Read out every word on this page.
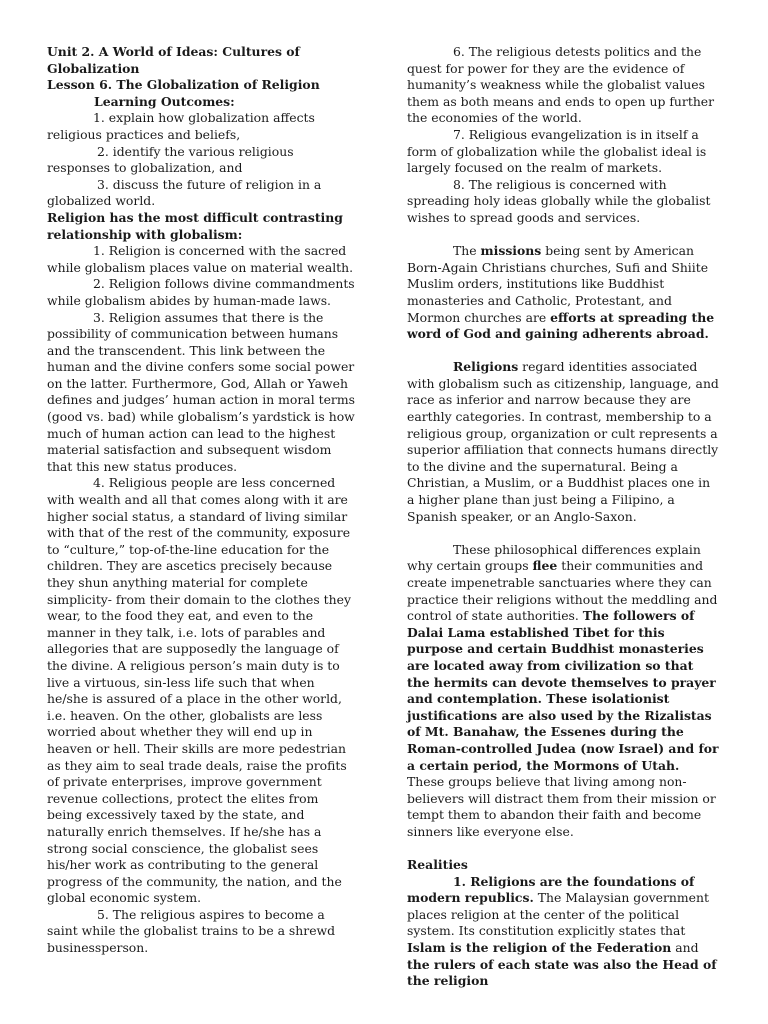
Unit 2. A World of Ideas: Cultures of Globalization

Lesson 6. The Globalization of Religion

Learning Outcomes:

1. explain how globalization affects religious practices and beliefs,

2. identify the various religious responses to globalization, and

3. discuss the future of religion in a globalized world.

Religion has the most difficult contrasting relationship with globalism:

1. Religion is concerned with the sacred while globalism places value on material wealth.

2. Religion follows divine commandments while globalism abides by human-made laws.

3. Religion assumes that there is the possibility of communication between humans and the transcendent. This link between the human and the divine confers some social power on the latter. Furthermore, God, Allah or Yaweh defines and judges’ human action in moral terms (good vs. bad) while globalism’s yardstick is how much of human action can lead to the highest material satisfaction and subsequent wisdom that this new status produces.

4. Religious people are less concerned with wealth and all that comes along with it are higher social status, a standard of living similar with that of the rest of the community, exposure to “culture,” top-of-the-line education for the children. They are ascetics precisely because they shun anything material for complete simplicity- from their domain to the clothes they wear, to the food they eat, and even to the manner in they talk, i.e. lots of parables and allegories that are supposedly the language of the divine. A religious person’s main duty is to live a virtuous, sin-less life such that when he/she is assured of a place in the other world, i.e. heaven. On the other, globalists are less worried about whether they will end up in heaven or hell. Their skills are more pedestrian as they aim to seal trade deals, raise the profits of private enterprises, improve government revenue collections, protect the elites from being excessively taxed by the state, and naturally enrich themselves. If he/she has a strong social conscience, the globalist sees his/her work as contributing to the general progress of the community, the nation, and the global economic system.

5. The religious aspires to become a saint while the globalist trains to be a shrewd businessperson.

6. The religious detests politics and the quest for power for they are the evidence of humanity’s weakness while the globalist values them as both means and ends to open up further the economies of the world.

7. Religious evangelization is in itself a form of globalization while the globalist ideal is largely focused on the realm of markets.

8. The religious is concerned with spreading holy ideas globally while the globalist wishes to spread goods and services.

The missions being sent by American Born-Again Christians churches, Sufi and Shiite Muslim orders, institutions like Buddhist monasteries and Catholic, Protestant, and Mormon churches are efforts at spreading the word of God and gaining adherents abroad.

Religions regard identities associated with globalism such as citizenship, language, and race as inferior and narrow because they are earthly categories. In contrast, membership to a religious group, organization or cult represents a superior affiliation that connects humans directly to the divine and the supernatural. Being a Christian, a Muslim, or a Buddhist places one in a higher plane than just being a Filipino, a Spanish speaker, or an Anglo-Saxon.

These philosophical differences explain why certain groups flee their communities and create impenetrable sanctuaries where they can practice their religions without the meddling and control of state authorities. The followers of Dalai Lama established Tibet for this purpose and certain Buddhist monasteries are located away from civilization so that the hermits can devote themselves to prayer and contemplation. These isolationist justifications are also used by the Rizalistas of Mt. Banahaw, the Essenes during the Roman-controlled Judea (now Israel) and for a certain period, the Mormons of Utah. These groups believe that living among non-believers will distract them from their mission or tempt them to abandon their faith and become sinners like everyone else.

Realities

1. Religions are the foundations of modern republics. The Malaysian government places religion at the center of the political system. Its constitution explicitly states that Islam is the religion of the Federation and the rulers of each state was also the Head of the religion
